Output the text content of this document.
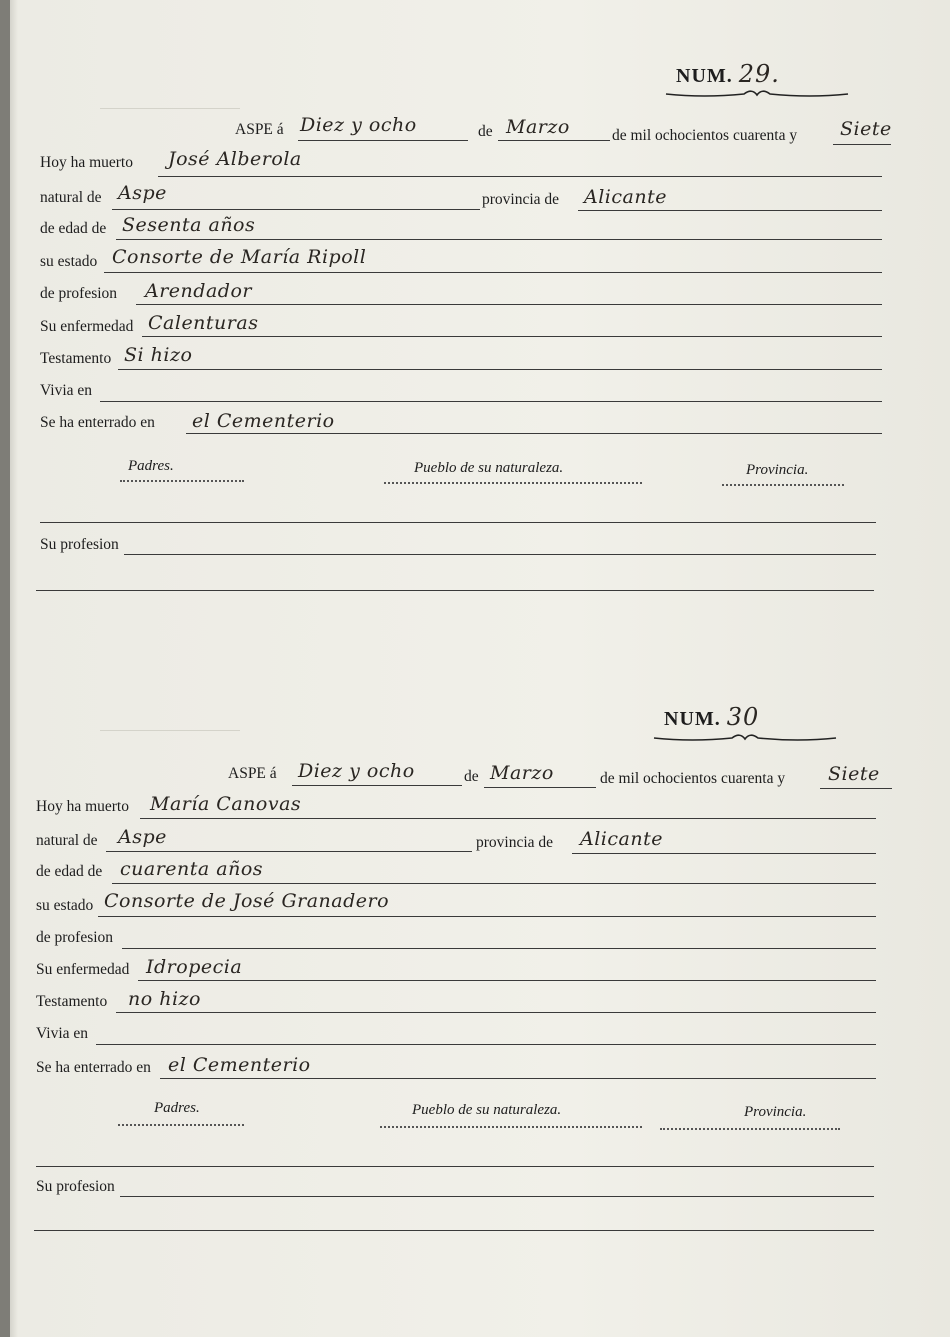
NUM. 29.
ASPE á Diez y ocho	de Marzo	de mil ochocientos cuarenta y Siete
Hoy ha muerto José Alberola
natural de Aspe	provincia de Alicante
de edad de Sesenta años
su estado Consorte de María Ripoll
de profesion Arendador
Su enfermedad Calenturas
Testamento Si hizo
Vivia en
Se ha enterrado en el Cementerio
Padres.	Pueblo de su naturaleza.	Provincia.
Su profesion
NUM. 30
ASPE á Diez y ocho	de Marzo	de mil ochocientos cuarenta y Siete
Hoy ha muerto María Canovas
natural de Aspe	provincia de Alicante
de edad de cuarenta años
su estado Consorte de José Granadero
de profesion
Su enfermedad Idropecia
Testamento no hizo
Vivia en
Se ha enterrado en el Cementerio
Padres.	Pueblo de su naturaleza.	Provincia.
Su profesion
